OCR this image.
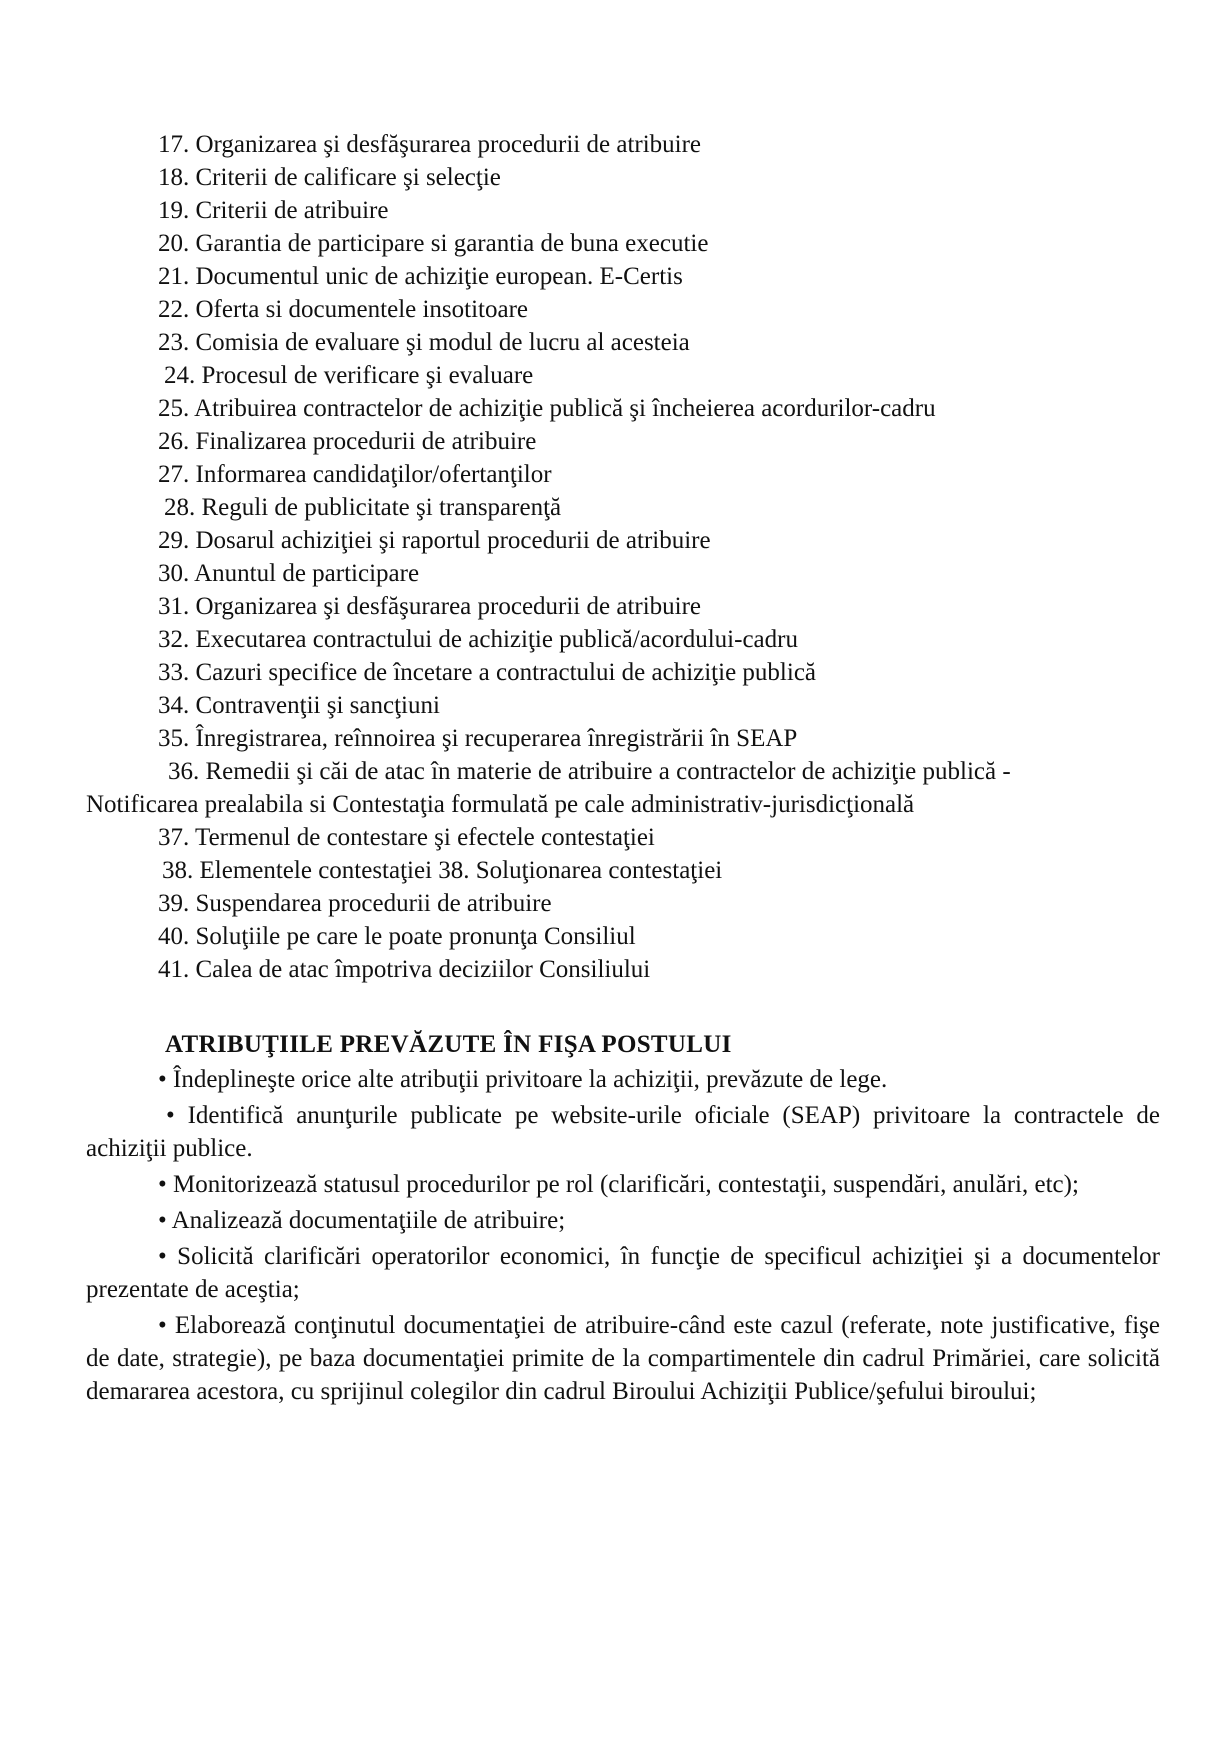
17. Organizarea şi desfăşurarea procedurii de atribuire
18. Criterii de calificare şi selecţie
19. Criterii de atribuire
20. Garantia de participare si garantia de buna executie
21. Documentul unic de achiziţie european. E-Certis
22. Oferta si documentele insotitoare
23. Comisia de evaluare şi modul de lucru al acesteia
24. Procesul de verificare şi evaluare
25. Atribuirea contractelor de achiziţie publică şi încheierea acordurilor-cadru
26. Finalizarea procedurii de atribuire
27. Informarea candidaţilor/ofertanţilor
28. Reguli de publicitate şi transparenţă
29. Dosarul achiziţiei şi raportul procedurii de atribuire
30. Anuntul de participare
31. Organizarea şi desfăşurarea procedurii de atribuire
32. Executarea contractului de achiziţie publică/acordului-cadru
33. Cazuri specifice de încetare a contractului de achiziţie publică
34. Contravenţii şi sancţiuni
35. Înregistrarea, reînnoirea şi recuperarea înregistrării în SEAP
36. Remedii şi căi de atac în materie de atribuire a contractelor de achiziţie publică -
Notificarea prealabila si Contestaţia formulată pe cale administrativ-jurisdicţională
37. Termenul de contestare şi efectele contestaţiei
38. Elementele contestaţiei 38. Soluţionarea contestaţiei
39. Suspendarea procedurii de atribuire
40. Soluţiile pe care le poate pronunţa Consiliul
41. Calea de atac împotriva deciziilor Consiliului
ATRIBUŢIILE PREVĂZUTE ÎN FIŞA POSTULUI

• Îndeplineşte orice alte atribuţii privitoare la achiziţii, prevăzute de lege.

• Identifică anunţurile publicate pe website-urile oficiale (SEAP) privitoare la contractele de achiziţii publice.

• Monitorizează statusul procedurilor pe rol (clarificări, contestaţii, suspendări, anulări, etc);

• Analizează documentaţiile de atribuire;

• Solicită clarificări operatorilor economici, în funcţie de specificul achiziţiei şi a documentelor prezentate de aceştia;

• Elaborează conţinutul documentaţiei de atribuire-când este cazul (referate, note justificative, fişe de date, strategie), pe baza documentaţiei primite de la compartimentele din cadrul Primăriei, care solicită demararea acestora, cu sprijinul colegilor din cadrul Biroului Achiziţii Publice/şefului biroului;
